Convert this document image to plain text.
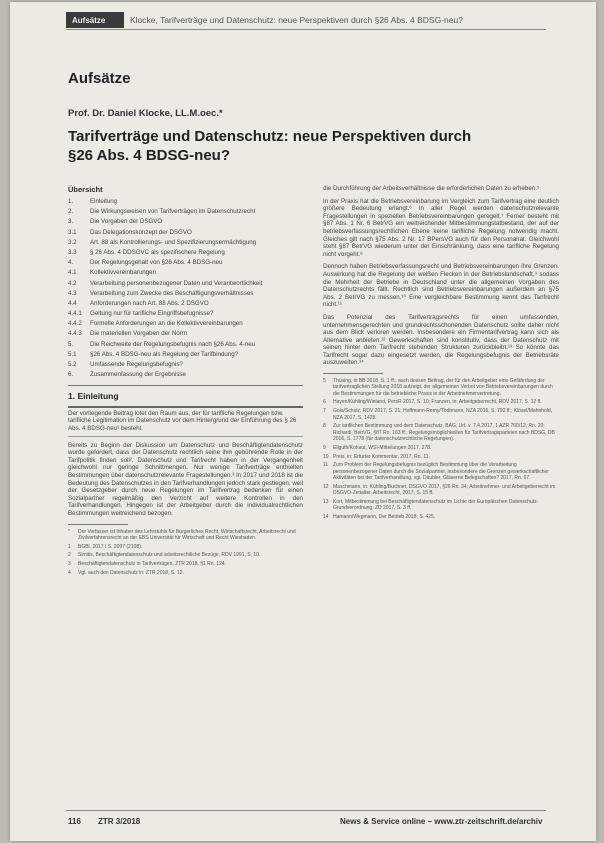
Aufsätze	Klocke, Tarifverträge und Datenschutz: neue Perspektiven durch §26 Abs. 4 BDSG-neu?
Aufsätze
Prof. Dr. Daniel Klocke, LL.M.oec.*
Tarifverträge und Datenschutz: neue Perspektiven durch §26 Abs. 4 BDSG-neu?
Übersicht
1.	Einleitung
2.	Die Wirkungsweisen von Tarifverträgen im Datenschutzrecht
3.	Die Vorgaben der DSGVO
3.1	Das Delegationskonzept der DSGVO
3.2	Art. 88 als Kontrollierungs- und Spezifizierungsermächtigung
3.3	§ 26 Abs. 4 DDSGVC als spezifischere Regelung
4.	Der Regelungsgehalt von §26 Abs. 4 BDSG-neu
4.1	Kollektivvereinbarungen
4.2	Verarbeitung personenbezogener Daten und Verantwortlichkeit
4.3	Verarbeitung zum Zwecke des Beschäftigungsverhältnisses
4.4	Anforderungen nach Art. 88 Abs. 2 DSGVO
4.4.1	Geltung nur für tarifliche Eingriffsbefugnisse?
4.4.2	Formelle Anforderungen an die Kollektivvereinbarungen
4.4.3	Die materiellen Vorgaben der Norm
5.	Die Reichweite der Regelungsbefugnis nach §26 Abs. 4-neu
5.1	§26 Abs. 4 BDSG-neu als Regelung der Tarifbindung?
5.2	Umfassende Regelungsbefugnis?
6.	Zusammenfassung der Ergebnisse
1. Einleitung
Der vorliegende Beitrag lotet den Raum aus, der für tarifliche Regelungen bzw. tarifliche Legitimation im Datenschutz vor dem Hintergrund der Einführung des § 26 Abs. 4 BDSG-neu¹ besteht.
Bereits zu Beginn der Diskussion um Datenschutz und Beschäftigtendatenschutz wurde gefordert, dass der Datenschutz rechtlich seine ihm gebührende Rolle in der Tarifpolitik finden soll². Datenschutz und Tarifrecht haben in der Vergangenheit gleichwohl nur geringe Schnittmengen. Nur wenige Tarifverträge enthielten Bestimmungen über datenschutzrelevante Fragestellungen.³ In 2017 und 2018 ist die Bedeutung des Datenschutzes in den Tarifverhandlungen jedoch stark gestiegen, weil der Gesetzgeber durch neue Regelungen im Tarifvertrag bedenken für einen Sozialpartner regelmäßig den Verzicht auf weitere Kontrollen in den Tarifverhandlungen. Hingegen ist der Arbeitgeber durch die individualrechtlichen Bestimmungen weitreichend bezogen.
*	Der Verfasser ist Inhaber des Lehrstuhls für Bürgerliches Recht, Wirtschaftsrecht, Arbeitsrecht und Zivilverfahrensrecht an der EBS Universität für Wirtschaft und Recht Wiesbaden.
1	BGBl. 2017 I S. 2097 (2108).
2	Simitis, Beschäftigtendatenschutz und arbeitsrechtliche Bezüge, RDV 1991, S. 10.
3	Beschäftigtendatenschutz in Tarifverträgen, ZTR 2018, §1 Rn. 124.
4	Vgl. auch den Datenschutz in: ZTR 2018, S. 12.
die Durchführung der Arbeitsverhältnisse die erforderlichen Daten zu erheben.⁵
In der Praxis hat die Betriebsvereinbarung im Vergleich zum Tarifvertrag eine deutlich größere Bedeutung erlangt.⁶ In aller Regel werden datenschutzrelevante Fragestellungen in speziellen Betriebsvereinbarungen geregelt.⁷ Ferner besteht mit §87 Abs. 1 Nr. 6 BetrVG ein weitreichender Mitbestimmungstatbestand, der auf der betriebsverfassungsrechtlichen Ebene keine tarifliche Regelung notwendig macht. Gleiches gilt nach §75 Abs. 2 Nr. 17 BPersVG auch für den Personalrat. Gleichwohl steht §87 BetrVG wiederum unter der Einschränkung, dass eine tarifliche Regelung nicht vorgeht.⁸
Dennoch haben Betriebsverfassungsrecht und Betriebsvereinbarungen ihre Grenzen. Auswirkung hat die Regelung der weißen Flecken in der Betriebslandschaft,⁹ sodass die Mehrheit der Betriebe in Deutschland unter die allgemeinen Vorgaben des Datenschutzrechts fällt. Rechtlich sind Betriebsvereinbarungen außerdem an §75 Abs. 2 BetrVG zu messen.¹⁰ Eine vergleichbare Bestimmung kennt das Tarifrecht nicht.¹¹
Das Potenzial des Tarifvertragsrechts für einen umfassenden, unternehmensgerechten und grundrechtsschonenden Datenschutz sollte daher nicht aus dem Blick verloren werden. Insbesondere ein Firmentarifvertrag kann sich als Alternative anbieten.¹² Gewerkschaften sind konstitutiv, dass der Datenschutz mit seinen hinter dem Tarifrecht stehenden Strukturen zurückbleibt.¹³ So könnte das Tarifrecht sogar dazu eingesetzt werden, die Regelungsbefugnis der Betriebsräte auszuweiten.¹⁴
5	Thüsing, in BB 2018, S. 1 ff.; auch dessen Beitrag, der für den Arbeitgeber eine Gefährdung der tarifvertraglichen Stellung 2018 aufzeigt, der allgemeinen Verbot von Betriebsvereinbarungen durch die Bestimmungen für die betriebliche Praxis in der Arbeitnehmervertretung.
6	Hayen/Kühling/Wieland, PersR 2017, S. 10; Franzen, in: Arbeitgeberrecht, RDV 2017, S. 12 ff.
7	Gola/Schulz, RDV 2017, S. 21; Hoffmann-Remy/Tödtmann, NZA 2016, S. 792 ff.; Klösel/Mahnhold, NZA 2017, S. 1428.
8	Zur tariflichen Bestimmung und dem Datenschutz, BAG, Urt. v. 7.4.2017, 1 AZR 700/12, Rn. 20; Richardi, BetrVG, §87 Rn. 163 ff.; Regelungsmöglichkeiten für Tarifvertragsparteien nach BDSG, DB 2016, S. 1778 (für datenschutzrechtliche Regelungen).
9	Ellguth/Kohaut, WSI-Mitteilungen 2017, 278.
10 Preis, in: Erfurter Kommentar, 2017, Rn. 11.
11 Zum Problem der Regelungsbefugnis bezüglich Bestimmung über die Verarbeitung personenbezogener Daten durch die Sozialpartner, insbesondere die Grenzen gewerkschaftlicher Aktivitäten bei der Tarifverhandlung, vgl. Däubler, Gläserne Belegschaften? 2017, Rn. 67.
12 Maschmann, in: Kühling/Buchner, DSGVO 2017, §26 Rn. 34; Arbeitnehmer- und Arbeitgeberrecht im DSGVO-Zeitalter, Arbeitsrecht, 2017, S. 15 ff.
13 Kort, Mitbestimmung bei Beschäftigtendatenschutz im Lichte der Europäischen Datenschutz-Grundverordnung, ZD 2017, S. 3 ff.
14 Hamann/Wegmann, Der Betrieb 2018, S. 425.
116 ZTR 3/2018	News & Service online – www.ztr-zeitschrift.de/archiv
